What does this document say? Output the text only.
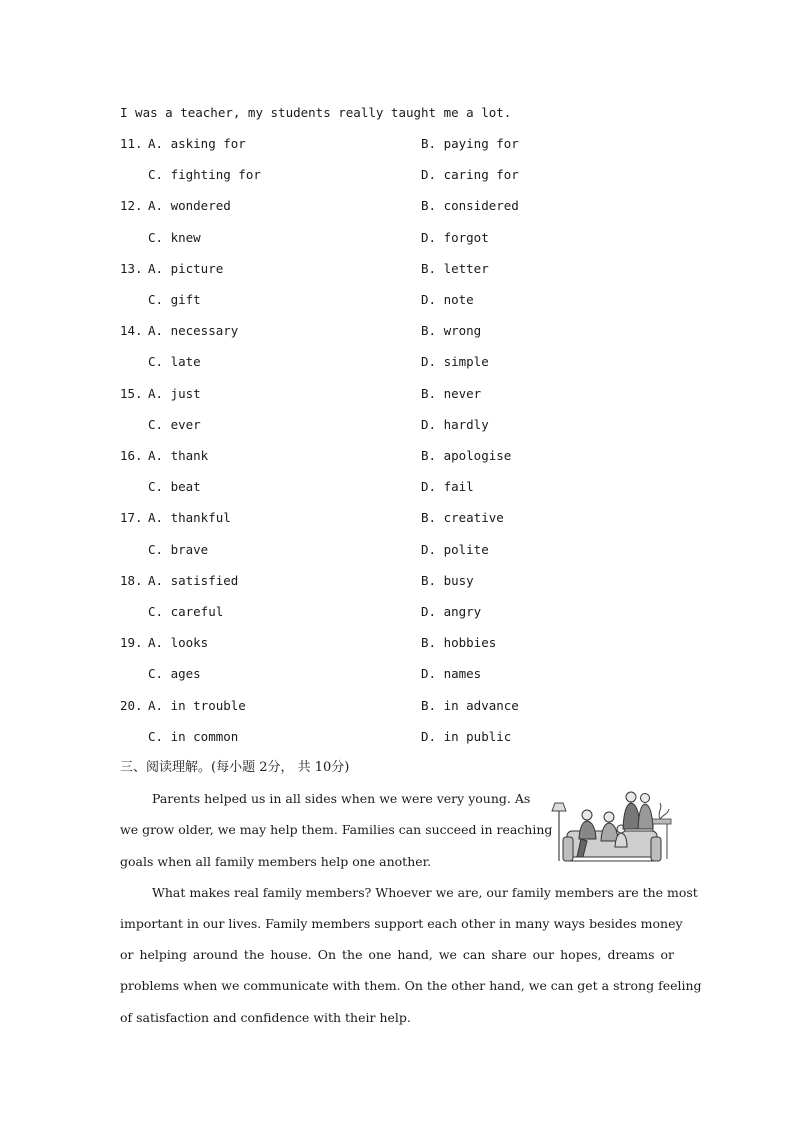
I was a teacher, my students really taught me a lot.
11. A. asking for	B. paying for
C. fighting for	D. caring for
12. A. wondered	B. considered
C. knew	D. forgot
13. A. picture	B. letter
C. gift	D. note
14. A. necessary	B. wrong
C. late	D. simple
15. A. just	B. never
C. ever	D. hardly
16. A. thank	B. apologise
C. beat	D. fail
17. A. thankful	B. creative
C. brave	D. polite
18. A. satisfied	B. busy
C. careful	D. angry
19. A. looks	B. hobbies
C. ages	D. names
20. A. in trouble	B. in advance
C. in common	D. in public
三、阅读理解。(每小题 2分， 共 10分)
Parents helped us in all sides when we were very young. As
we grow older, we may help them. Families can succeed in reaching
goals when all family members help one another.
What makes real family members? Whoever we are, our family members are the most
important in our lives. Family members support each other in many ways besides money
or helping around the house. On the one hand, we can share our hopes, dreams or
problems when we communicate with them. On the other hand, we can get a strong feeling
of satisfaction and confidence with their help.
